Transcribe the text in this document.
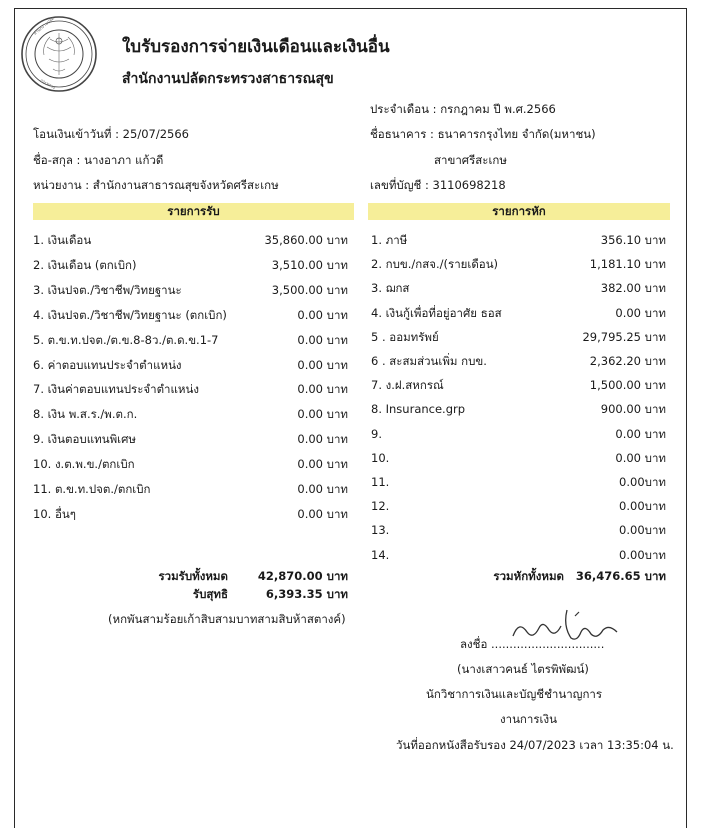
สำนักงานปลัด
กระทรวง
ใบรับรองการจ่ายเงินเดือนและเงินอื่น
สำนักงานปลัดกระทรวงสาธารณสุข
ประจำเดือน : กรกฎาคม ปี พ.ศ.2566
โอนเงินเข้าวันที่ : 25/07/2566	ชื่อธนาคาร : ธนาคารกรุงไทย จำกัด(มหาชน)
ชื่อ-สกุล : นางอาภา แก้วดี	สาขาศรีสะเกษ
หน่วยงาน : สำนักงานสาธารณสุขจังหวัดศรีสะเกษ	เลขที่บัญชี : 3110698218
รายการรับ	รายการหัก
1. เงินเดือน	35,860.00 บาท
2. เงินเดือน (ตกเบิก)	3,510.00 บาท
3. เงินปจต./วิชาชีพ/วิทยฐานะ	3,500.00 บาท
4. เงินปจต./วิชาชีพ/วิทยฐานะ (ตกเบิก)	0.00 บาท
5. ต.ข.ท.ปจต./ต.ข.8-8ว./ต.ด.ข.1-7	0.00 บาท
6. ค่าตอบแทนประจำตำแหน่ง	0.00 บาท
7. เงินค่าตอบแทนประจำตำแหน่ง	0.00 บาท
8. เงิน พ.ส.ร./พ.ต.ก.	0.00 บาท
9. เงินตอบแทนพิเศษ	0.00 บาท
10. ง.ต.พ.ข./ตกเบิก	0.00 บาท
11. ต.ข.ท.ปจต./ตกเบิก	0.00 บาท
10. อื่นๆ	0.00 บาท
1. ภาษี	356.10 บาท
2. กบข./กสจ./(รายเดือน)	1,181.10 บาท
3. ฌกส	382.00 บาท
4. เงินกู้เพื่อที่อยู่อาศัย ธอส	0.00 บาท
5 . ออมทรัพย์	29,795.25 บาท
6 . สะสมส่วนเพิ่ม กบข.	2,362.20 บาท
7. ง.ฝ.สหกรณ์	1,500.00 บาท
8. Insurance.grp	900.00 บาท
9.	0.00 บาท
10.	0.00 บาท
11.	0.00บาท
12.	0.00บาท
13.	0.00บาท
14.	0.00บาท
รวมรับทั้งหมด	42,870.00 บาท
รับสุทธิ	6,393.35 บาท
(หกพันสามร้อยเก้าสิบสามบาทสามสิบห้าสตางค์)
รวมหักทั้งหมด	36,476.65 บาท
ลงชื่อ ...............................
(นางเสาวคนธ์ ไตรพิพัฒน์)
นักวิชาการเงินและบัญชีชำนาญการ
งานการเงิน
วันที่ออกหนังสือรับรอง 24/07/2023 เวลา 13:35:04 น.
